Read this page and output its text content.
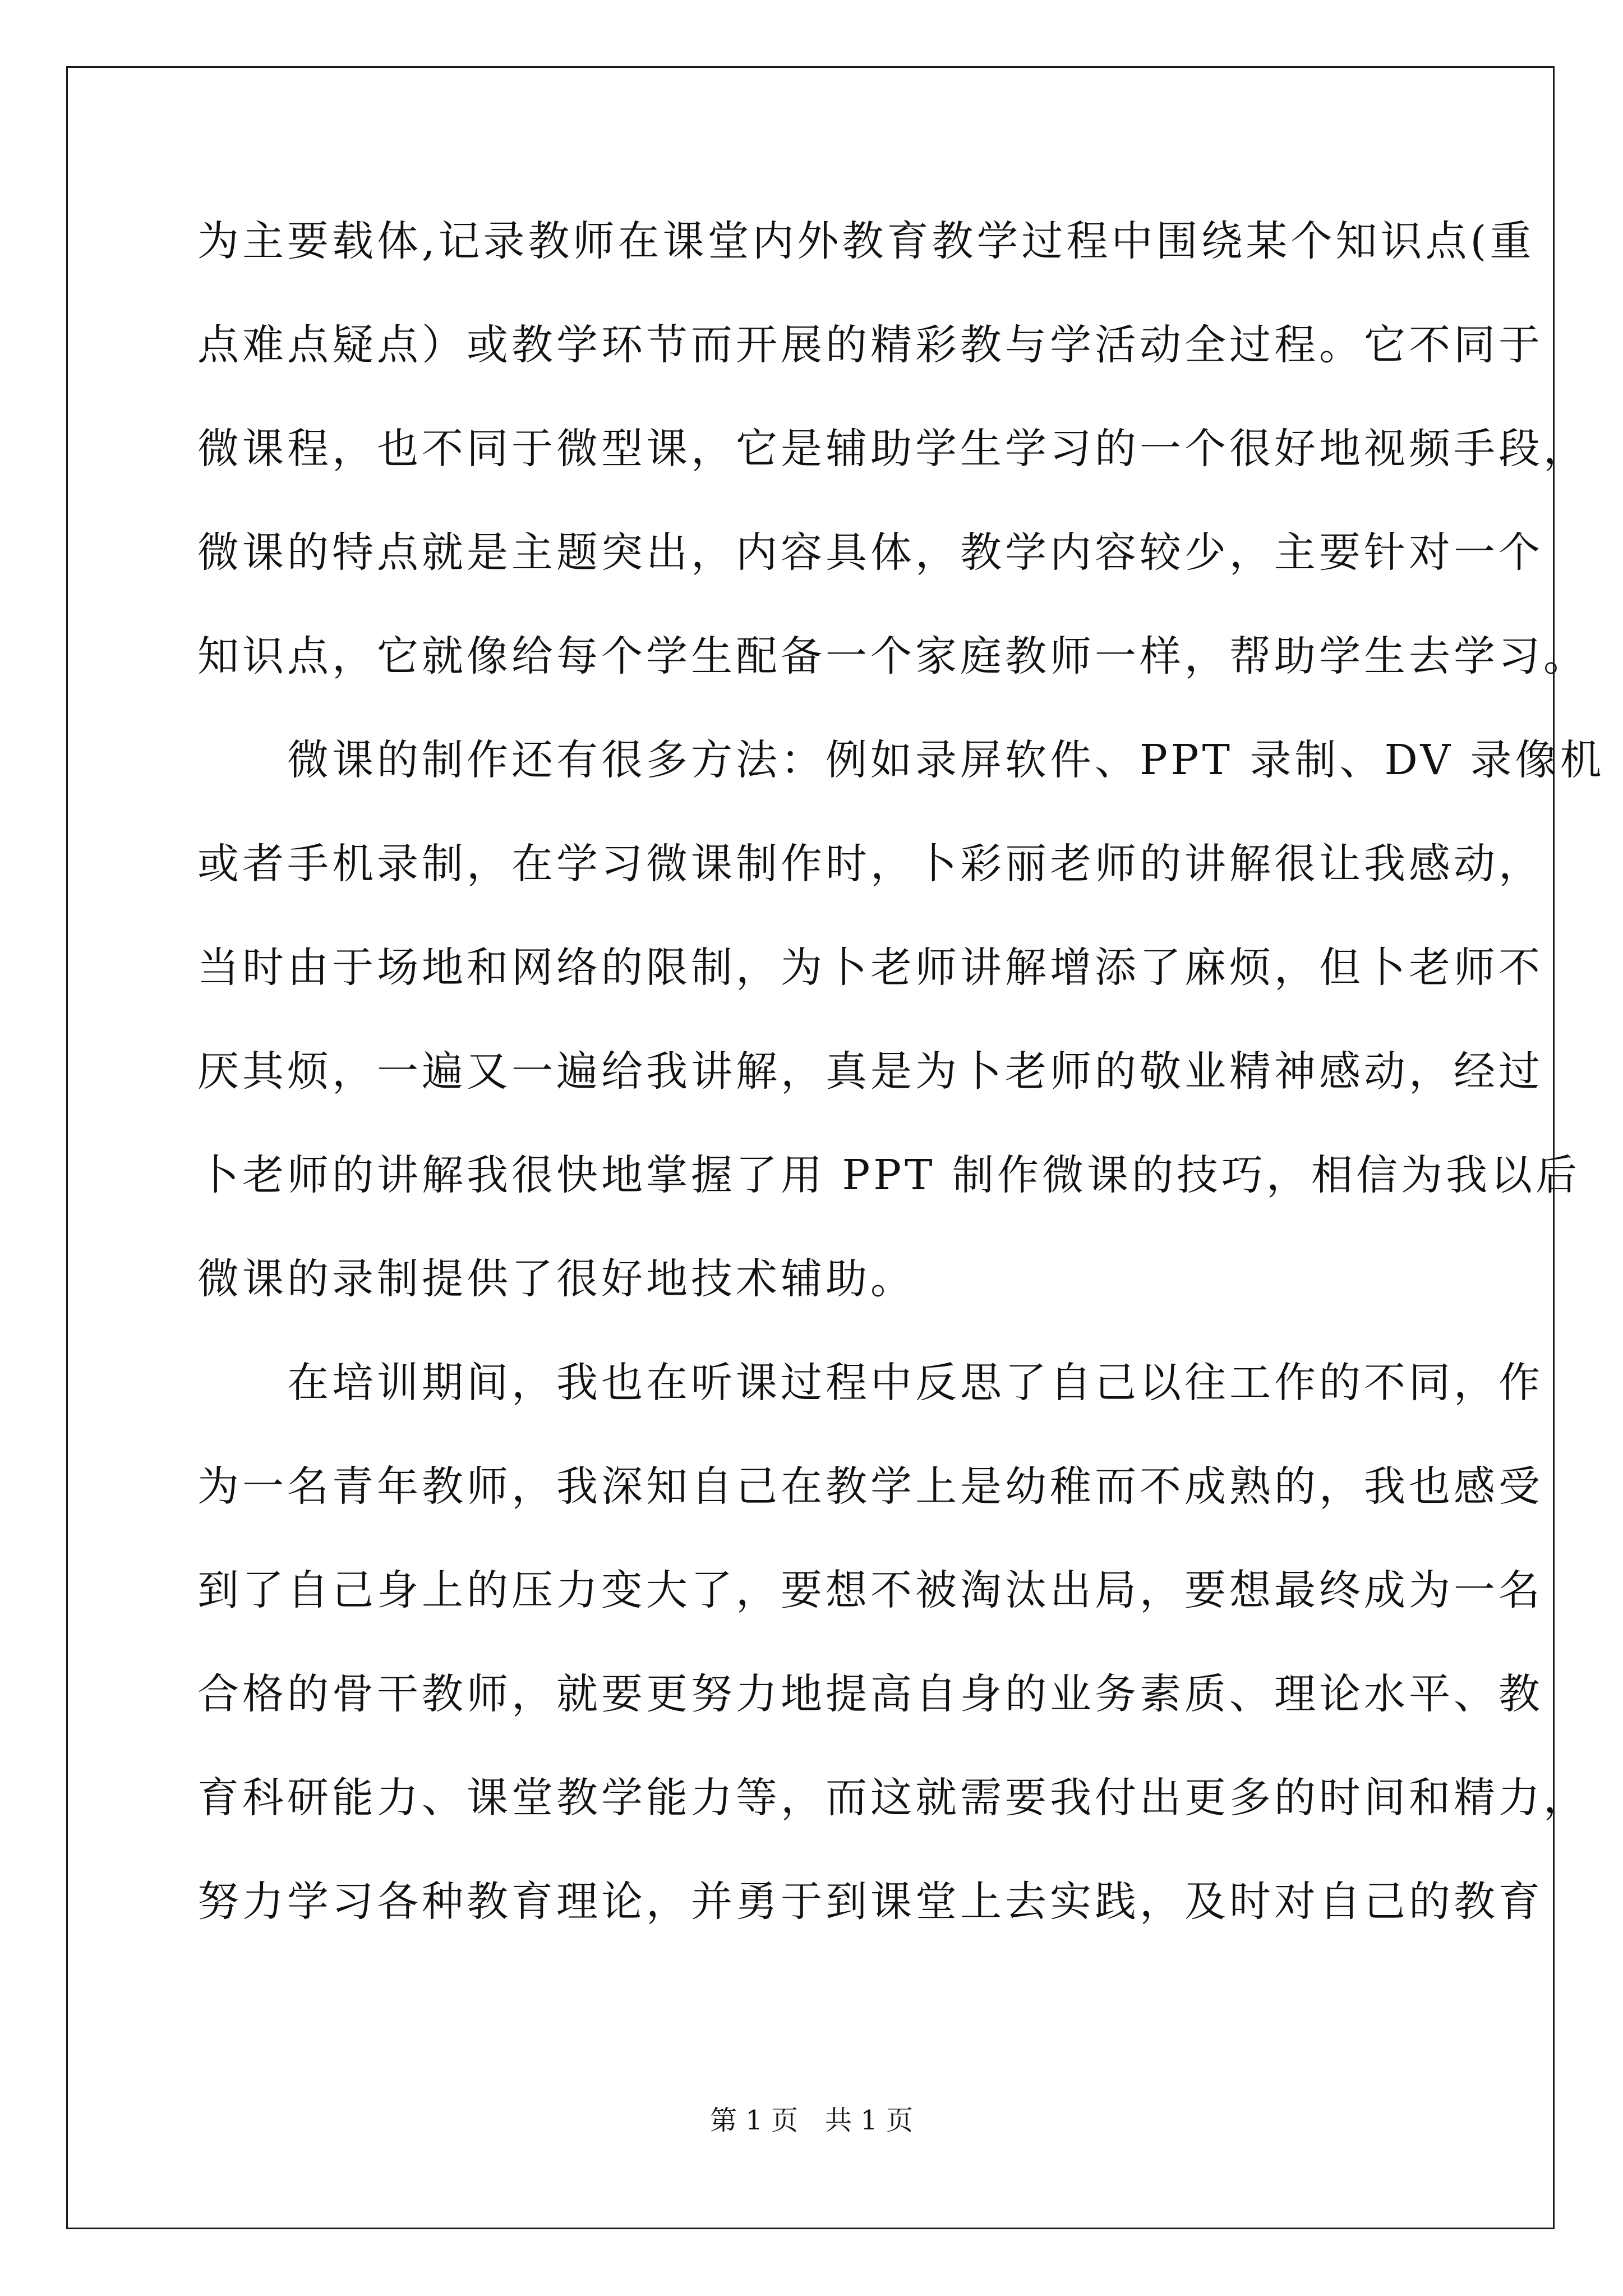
为主要载体,记录教师在课堂内外教育教学过程中围绕某个知识点(重
点难点疑点）或教学环节而开展的精彩教与学活动全过程。它不同于
微课程，也不同于微型课，它是辅助学生学习的一个很好地视频手段，
微课的特点就是主题突出，内容具体，教学内容较少，主要针对一个
知识点，它就像给每个学生配备一个家庭教师一样，帮助学生去学习。
　　微课的制作还有很多方法：例如录屏软件、PPT 录制、DV 录像机
或者手机录制，在学习微课制作时，卜彩丽老师的讲解很让我感动，
当时由于场地和网络的限制，为卜老师讲解增添了麻烦，但卜老师不
厌其烦，一遍又一遍给我讲解，真是为卜老师的敬业精神感动，经过
卜老师的讲解我很快地掌握了用 PPT 制作微课的技巧，相信为我以后
微课的录制提供了很好地技术辅助。
　　在培训期间，我也在听课过程中反思了自己以往工作的不同，作
为一名青年教师，我深知自己在教学上是幼稚而不成熟的，我也感受
到了自己身上的压力变大了，要想不被淘汰出局，要想最终成为一名
合格的骨干教师，就要更努力地提高自身的业务素质、理论水平、教
育科研能力、课堂教学能力等，而这就需要我付出更多的时间和精力，
努力学习各种教育理论，并勇于到课堂上去实践，及时对自己的教育
第 1 页　共 1 页
